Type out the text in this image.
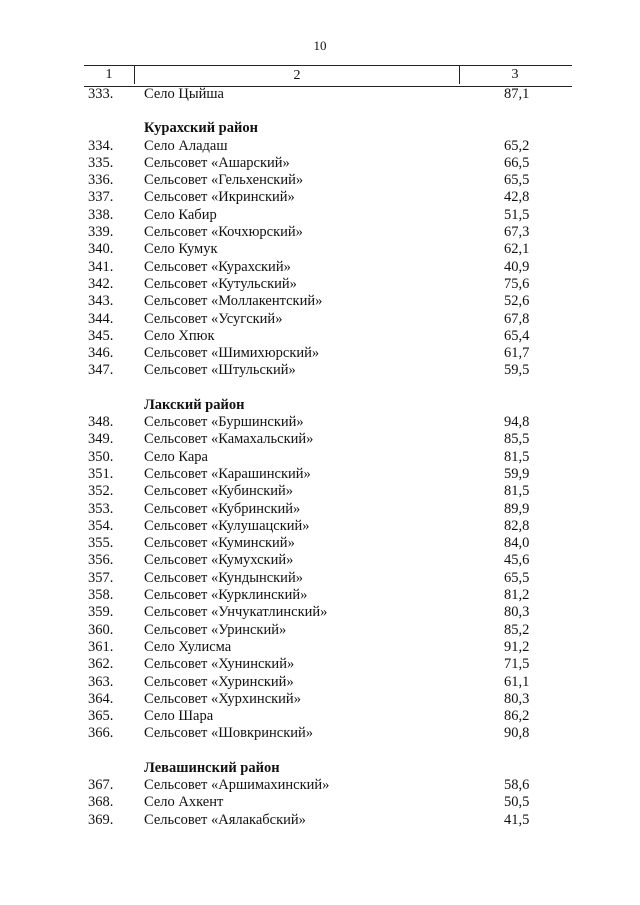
10
1	2	3
333. Село Цыйша	87,1
Курахский район
334. Село Аладаш	65,2
335. Сельсовет «Ашарский»	66,5
336. Сельсовет «Гельхенский»	65,5
337. Сельсовет «Икринский»	42,8
338. Село Кабир	51,5
339. Сельсовет «Кочхюрский»	67,3
340. Село Кумук	62,1
341. Сельсовет «Курахский»	40,9
342. Сельсовет «Кутульский»	75,6
343. Сельсовет «Моллакентский»	52,6
344. Сельсовет «Усугский»	67,8
345. Село Хпюк	65,4
346. Сельсовет «Шимихюрский»	61,7
347. Сельсовет «Штульский»	59,5
Лакский район
348. Сельсовет «Буршинский»	94,8
349. Сельсовет «Камахальский»	85,5
350. Село Кара	81,5
351. Сельсовет «Карашинский»	59,9
352. Сельсовет «Кубинский»	81,5
353. Сельсовет «Кубринский»	89,9
354. Сельсовет «Кулушацский»	82,8
355. Сельсовет «Куминский»	84,0
356. Сельсовет «Кумухский»	45,6
357. Сельсовет «Кундынский»	65,5
358. Сельсовет «Курклинский»	81,2
359. Сельсовет «Унчукатлинский»	80,3
360. Сельсовет «Уринский»	85,2
361. Село Хулисма	91,2
362. Сельсовет «Хунинский»	71,5
363. Сельсовет «Хуринский»	61,1
364. Сельсовет «Хурхинский»	80,3
365. Село Шара	86,2
366. Сельсовет «Шовкринский»	90,8
Левашинский район
367. Сельсовет «Аршимахинский»	58,6
368. Село Ахкент	50,5
369. Сельсовет «Аялакабский»	41,5
